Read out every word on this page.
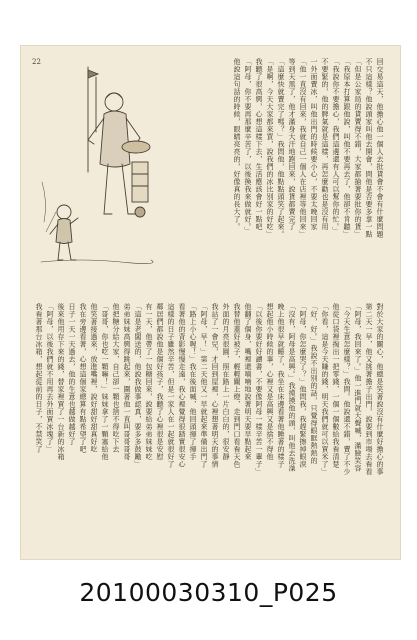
22	回交易這天，他擔心他一個人去批貨會不會有什麼問題
不只這樣？他說頭家叫他去開會，問他是否要多拿一點
「但是公家局的貨賣得不錯，大家都搶著要批你的貨」
「我原本打算跟他說，叫他不要再去了，他卻不肯聽」
「我說你不要擔心，我們這邊還有人可以幫你的忙。」
不要緊的，他的脾氣就是這樣，再怎麼勸也是沒有用
一外面賣冰，叫他出門的時候要小心，不要太晚回家
「他一直沒有回來，我就自己一個人在店裡等他回來」
等到天黑了，他才滿身大汗地跑回來，說貨都賣完了
「這麼快就賣完了嗎？」我問他，他點點頭笑了起來。
「是啊，今天大家都來買，說我們的冰比別家的好吃」
我聽了很高興，心想這樣下去，生活應該會好一點吧
「阿母，你不要再那麼辛苦了，以後換我來做就好。」
他說這句話的時候，眼睛亮亮的，好像真的長大了。
對於大家的關心，他總是笑著說沒有什麼好擔心的事
第二天一早，他又挑著擔子出門，說要到市場去看看
「阿母，我回來了。」他一進門就大聲喊，滿臉笑容
「今天生意怎麼樣？」我問。他說還不錯，賣了不少
他從口袋裡掏出一把零錢，一個一個數給我看清楚
「你看，這是今天賺的錢，明天我們就可以買米了」
「好，好。」我說不出別的話，只覺得眼眶熱熱的
「阿母，你怎麼哭了？」他問我，我趕緊擦掉眼淚
「沒有，阿母是高興。」我摸摸他的頭，叫他去洗澡
晚上他很早就睡了，我坐在床邊看著他睡著的樣子
想起他小時候的事，心裡又是高興又是捨不得他
「以後你要好好讀書，不要像阿母一樣辛苦一輩子」
他翻了個身，嘴裡還喃喃地說著明天要早點起來
我替他蓋好被子，輕輕關上燈，走到門口看看天色
外面的月亮很圓，照在路上一片白白的，很安靜
我站了一會兒，才回到屋裡，心裡想著明天的事情
「阿母，早！」第二天他又一早就起來準備出門了
「路上小心喔！」我在後面喊，他回頭揮了揮手
看著他的背影慢慢走遠，我心裡覺得很踏實很安心
這樣的日子雖然辛苦，但是一家人在一起就很好了
鄰居們都說他是個好孩子，我聽了心裡很是安慰
有一天，他帶了一包糖回來，說要給弟弟妹妹吃
「這是老闆送的，他說我做事認真，要多多鼓勵」
弟弟妹妹高興得跳起來，圍著他一直叫哥哥哥哥
他把糖分給大家，自己卻一顆也捨不得吃下去
「哥哥，你也吃一顆嘛！」妹妹拿了一顆塞給他
他笑著接過來，放進嘴裡，說好甜好甜真好吃
我在旁邊看著，心想這個家總算有點希望了吧
日子一天一天過去，他的生意也越做越好了
後來他用存下來的錢，替家裡買了一台新的冰箱
「阿母，以後我們就不用再去外面買冰塊了」
我看著那台冰箱，想起從前的日子，不禁笑了
20100030310_P025
